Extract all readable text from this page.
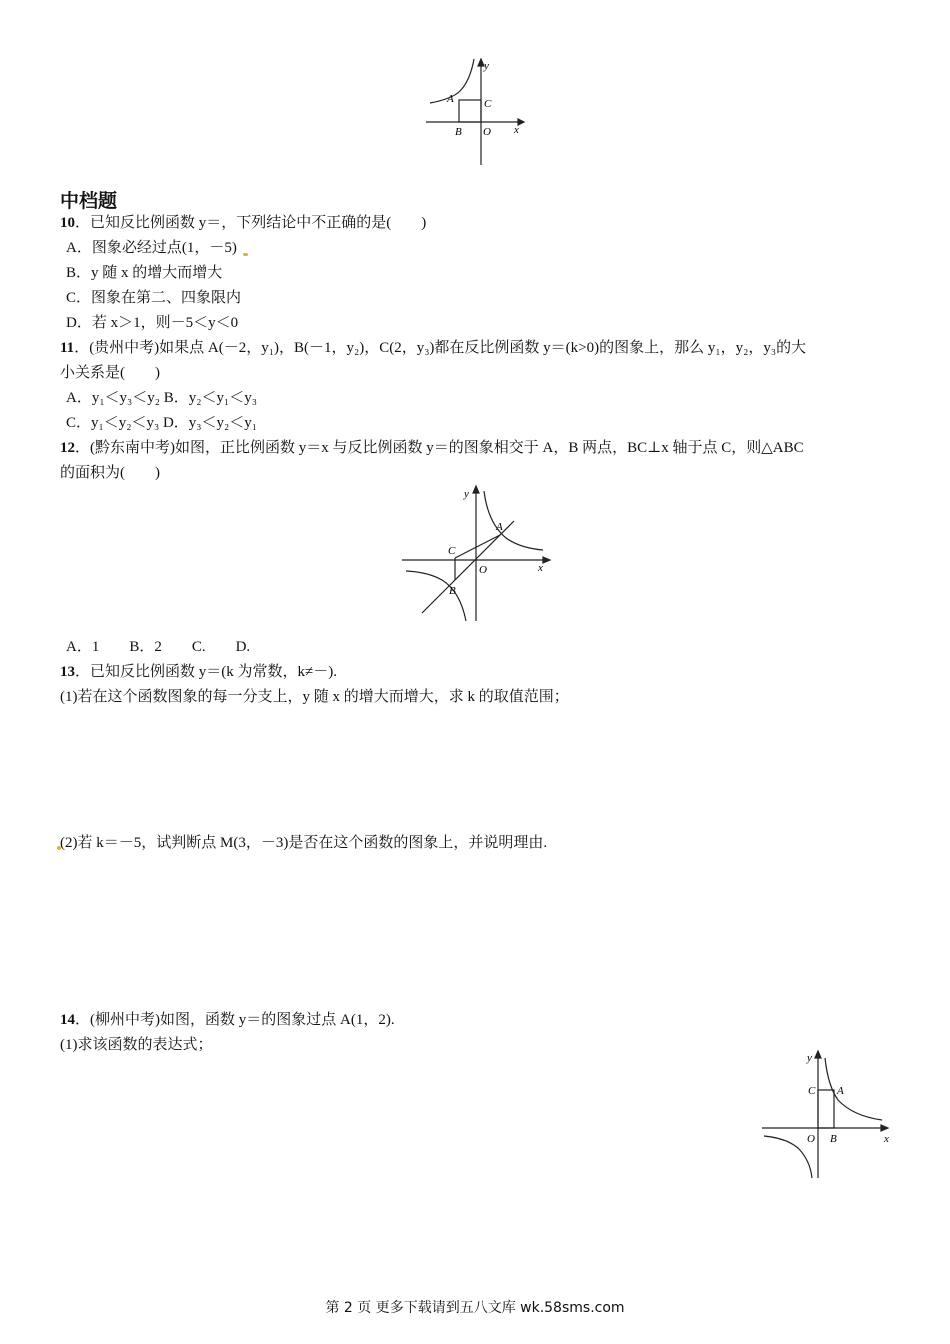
y
A	C
B O x
中档题
10．已知反比例函数 y＝，下列结论中不正确的是(　　)
A．图象必经过点(1，－5)
B．y 随 x 的增大而增大
C．图象在第二、四象限内
D．若 x＞1，则－5＜y＜0
11．(贵州中考)如果点 A(－2，y₁)，B(－1，y₂)，C(2，y₃)都在反比例函数 y＝(k>0)的图象上，那么 y₁，y₂，y₃的大
小关系是(　　)
A．y₁＜y₃＜y₂ B．y₂＜y₁＜y₃
C．y₁＜y₂＜y₃ D．y₃＜y₂＜y₁
12．(黔东南中考)如图，正比例函数 y＝x 与反比例函数 y＝的图象相交于 A，B 两点，BC⊥x 轴于点 C，则△ABC
的面积为(　　)
y
A
C
O
B
x
A．1　　B．2　　C.　　D.
13．已知反比例函数 y＝(k 为常数，k≠－).
(1)若在这个函数图象的每一分支上，y 随 x 的增大而增大，求 k 的取值范围；
(2)若 k＝－5，试判断点 M(3，－3)是否在这个函数的图象上，并说明理由.
14．(柳州中考)如图，函数 y＝的图象过点 A(1，2).
(1)求该函数的表达式；
y
C A
O B	x
第 2 页 更多下载请到五八文库 wk.58sms.com
